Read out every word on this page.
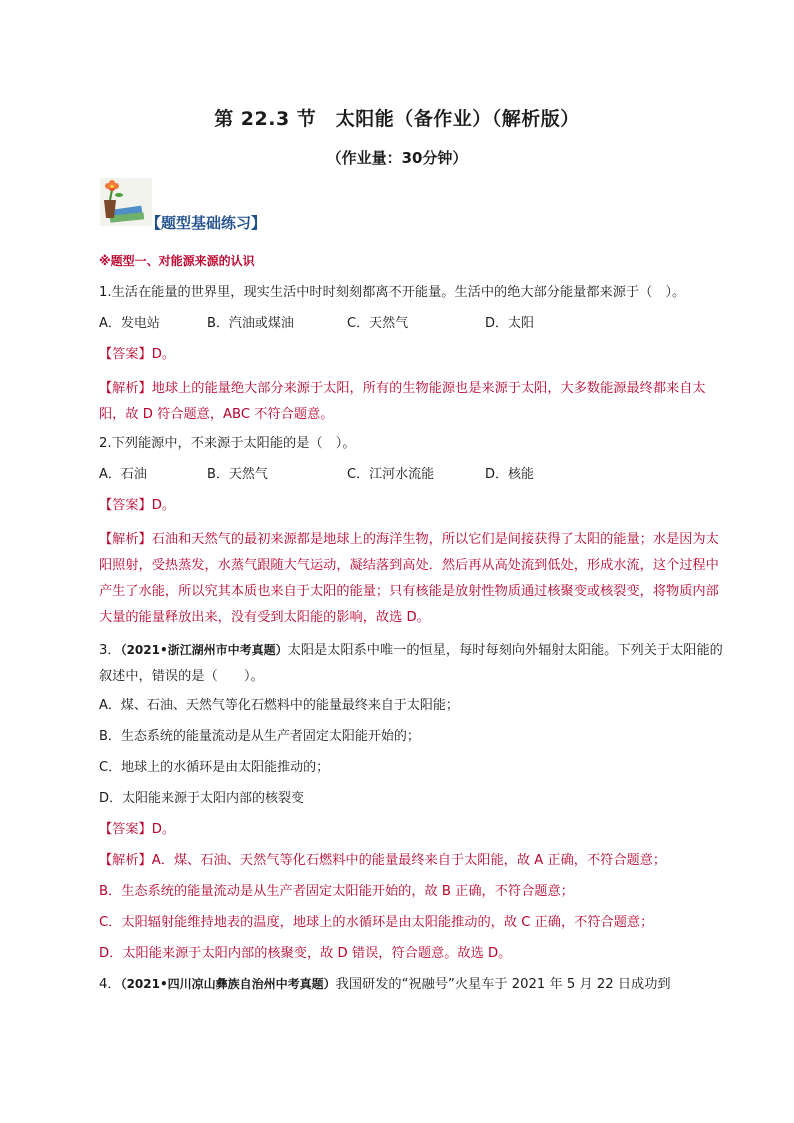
第 22.3 节　太阳能（备作业）（解析版）
（作业量：30分钟）
【题型基础练习】
※题型一、对能源来源的认识
1.生活在能量的世界里，现实生活中时时刻刻都离不开能量。生活中的绝大部分能量都来源于（　）。
A．发电站	B．汽油或煤油	C．天然气	D．太阳
【答案】D。
【解析】地球上的能量绝大部分来源于太阳，所有的生物能源也是来源于太阳，大多数能源最终都来自太阳，故 D 符合题意，ABC 不符合题意。
2.下列能源中，不来源于太阳能的是（　）。
A．石油	B．天然气	C．江河水流能	D．核能
【答案】D。
【解析】石油和天然气的最初来源都是地球上的海洋生物，所以它们是间接获得了太阳的能量；水是因为太阳照射，受热蒸发，水蒸气跟随大气运动，凝结落到高处．然后再从高处流到低处，形成水流，这个过程中产生了水能，所以究其本质也来自于太阳的能量；只有核能是放射性物质通过核聚变或核裂变，将物质内部大量的能量释放出来，没有受到太阳能的影响，故选 D。
3．（2021•浙江湖州市中考真题）太阳是太阳系中唯一的恒星，每时每刻向外辐射太阳能。下列关于太阳能的叙述中，错误的是（　　）。
A．煤、石油、天然气等化石燃料中的能量最终来自于太阳能；
B．生态系统的能量流动是从生产者固定太阳能开始的；
C．地球上的水循环是由太阳能推动的；
D．太阳能来源于太阳内部的核裂变
【答案】D。
【解析】A．煤、石油、天然气等化石燃料中的能量最终来自于太阳能，故 A 正确，不符合题意；
B．生态系统的能量流动是从生产者固定太阳能开始的，故 B 正确，不符合题意；
C．太阳辐射能维持地表的温度，地球上的水循环是由太阳能推动的，故 C 正确，不符合题意；
D．太阳能来源于太阳内部的核聚变，故 D 错误，符合题意。故选 D。
4．（2021•四川凉山彝族自治州中考真题）我国研发的“祝融号”火星车于 2021 年 5 月 22 日成功到
